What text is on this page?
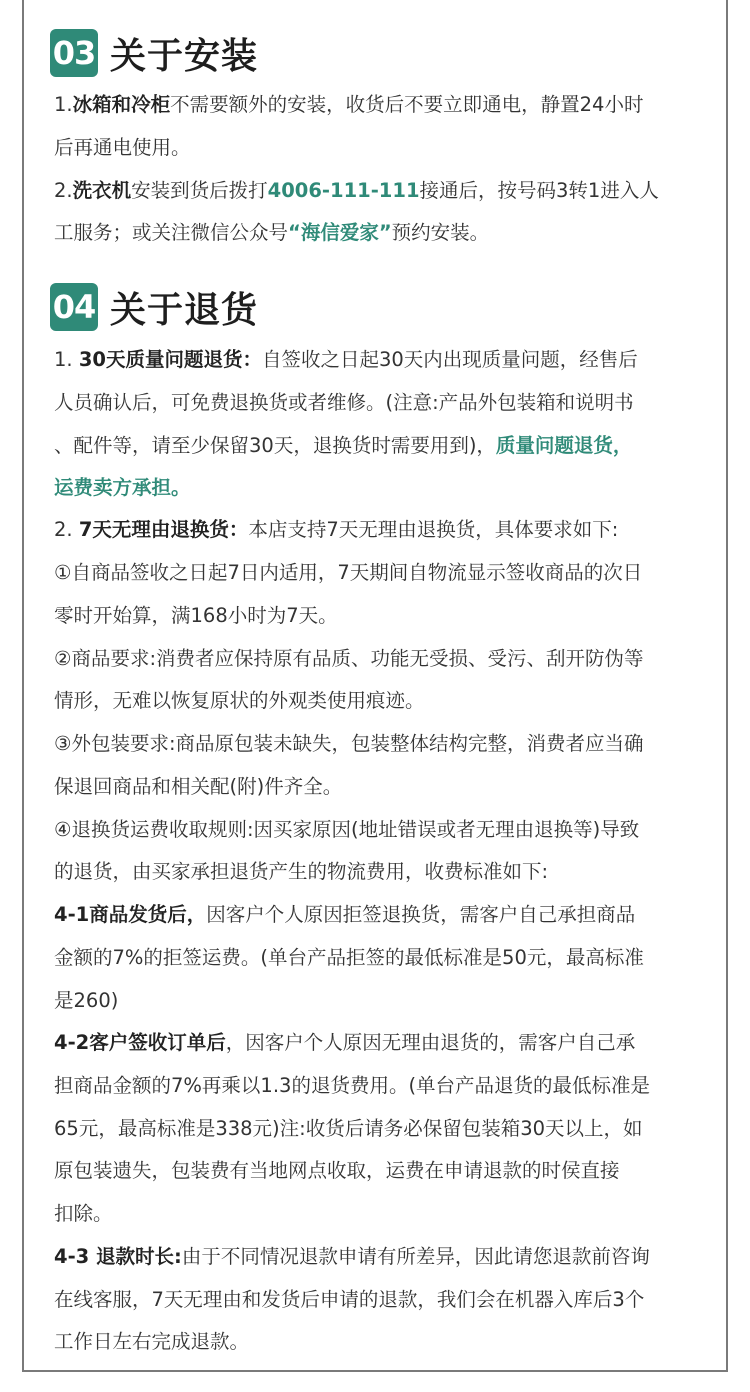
03 关于安装
1.冰箱和冷柜不需要额外的安装，收货后不要立即通电，静置24小时
后再通电使用。
2.洗衣机安装到货后拨打4006-111-111接通后，按号码3转1进入人
工服务；或关注微信公众号“海信爱家”预约安装。
04 关于退货
1. 30天质量问题退货：自签收之日起30天内出现质量问题，经售后
人员确认后，可免费退换货或者维修。(注意:产品外包装箱和说明书
、配件等，请至少保留30天，退换货时需要用到)，质量问题退货，
运费卖方承担。
2. 7天无理由退换货：本店支持7天无理由退换货，具体要求如下:
①自商品签收之日起7日内适用，7天期间自物流显示签收商品的次日
零时开始算，满168小时为7天。
②商品要求:消费者应保持原有品质、功能无受损、受污、刮开防伪等
情形，无难以恢复原状的外观类使用痕迹。
③外包装要求:商品原包装未缺失，包装整体结构完整，消费者应当确
保退回商品和相关配(附)件齐全。
④退换货运费收取规则:因买家原因(地址错误或者无理由退换等)导致
的退货，由买家承担退货产生的物流费用，收费标准如下:
4-1商品发货后，因客户个人原因拒签退换货，需客户自己承担商品
金额的7%的拒签运费。(单台产品拒签的最低标准是50元，最高标准
是260)
4-2客户签收订单后，因客户个人原因无理由退货的，需客户自己承
担商品金额的7%再乘以1.3的退货费用。(单台产品退货的最低标准是
65元，最高标准是338元)注:收货后请务必保留包装箱30天以上，如
原包装遗失，包装费有当地网点收取，运费在申请退款的时侯直接
扣除。
4-3 退款时长:由于不同情况退款申请有所差异，因此请您退款前咨询
在线客服，7天无理由和发货后申请的退款，我们会在机器入库后3个
工作日左右完成退款。
